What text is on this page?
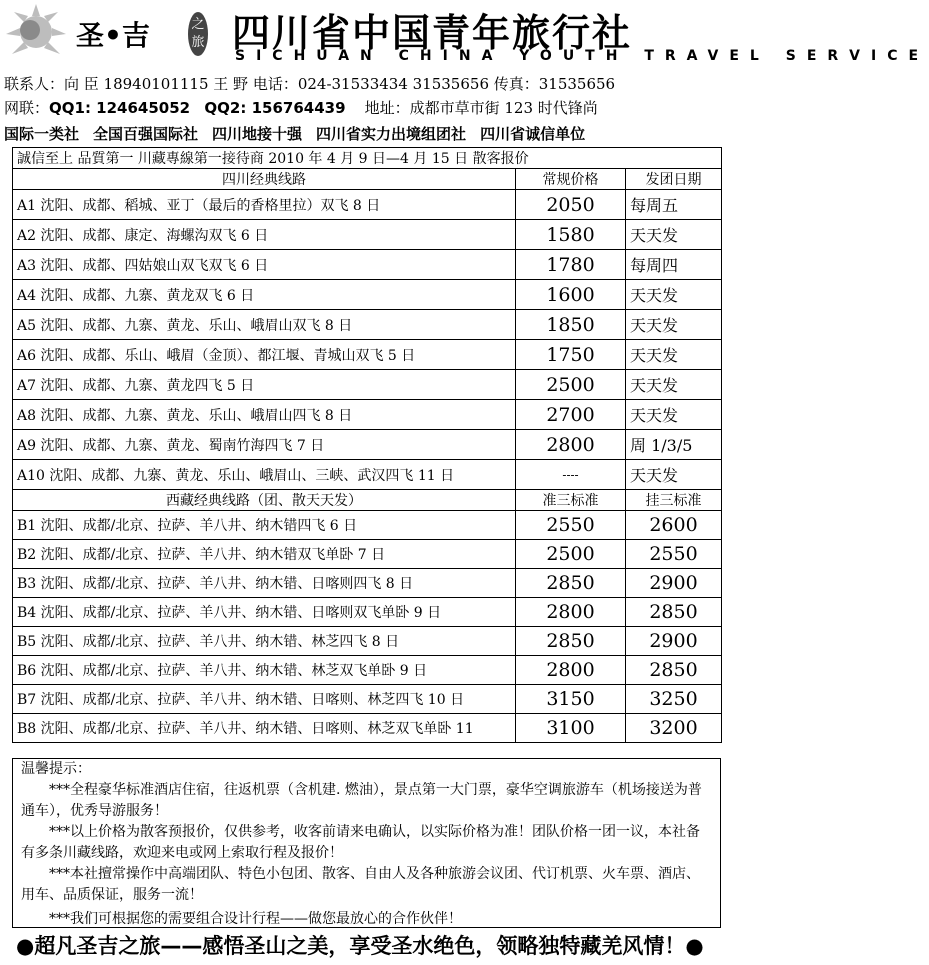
圣•吉	之旅 四川省中国青年旅行社
SICHUAN CHINA YOUTH TRAVEL SERVICE
联系人：向 臣 18940101115 王 野 电话：024-31533434 31535656 传真：31535656
网联：QQ1: 124645052 QQ2: 156764439 地址：成都市草市街 123 时代锋尚
国际一类社 全国百强国际社 四川地接十强 四川省实力出境组团社 四川省诚信单位
誠信至上 品質第一 川藏專線第一接待商 2010 年 4 月 9 日—4 月 15 日 散客报价		
四川经典线路	常规价格	发团日期
A1 沈阳、成都、稻城、亚丁（最后的香格里拉）双飞 8 日	2050	每周五
A2 沈阳、成都、康定、海螺沟双飞 6 日	1580	天天发
A3 沈阳、成都、四姑娘山双飞双飞 6 日	1780	每周四
A4 沈阳、成都、九寨、黄龙双飞 6 日	1600	天天发
A5 沈阳、成都、九寨、黄龙、乐山、峨眉山双飞 8 日	1850	天天发
A6 沈阳、成都、乐山、峨眉（金顶）、都江堰、青城山双飞 5 日	1750	天天发
A7 沈阳、成都、九寨、黄龙四飞 5 日	2500	天天发
A8 沈阳、成都、九寨、黄龙、乐山、峨眉山四飞 8 日	2700	天天发
A9 沈阳、成都、九寨、黄龙、蜀南竹海四飞 7 日	2800	周 1/3/5
A10 沈阳、成都、九寨、黄龙、乐山、峨眉山、三峡、武汉四飞 11 日	----	天天发
西藏经典线路（团、散天天发）	准三标准	挂三标准
B1 沈阳、成都/北京、拉萨、羊八井、纳木错四飞 6 日	2550	2600
B2 沈阳、成都/北京、拉萨、羊八井、纳木错双飞单卧 7 日	2500	2550
B3 沈阳、成都/北京、拉萨、羊八井、纳木错、日喀则四飞 8 日	2850	2900
B4 沈阳、成都/北京、拉萨、羊八井、纳木错、日喀则双飞单卧 9 日	2800	2850
B5 沈阳、成都/北京、拉萨、羊八井、纳木错、林芝四飞 8 日	2850	2900
B6 沈阳、成都/北京、拉萨、羊八井、纳木错、林芝双飞单卧 9 日	2800	2850
B7 沈阳、成都/北京、拉萨、羊八井、纳木错、日喀则、林芝四飞 10 日	3150	3250
B8 沈阳、成都/北京、拉萨、羊八井、纳木错、日喀则、林芝双飞单卧 11	3100	3200

温馨提示：

***全程豪华标准酒店住宿，往返机票（含机建. 燃油），景点第一大门票，豪华空调旅游车（机场接送为普通车），优秀导游服务！

***以上价格为散客预报价，仅供参考，收客前请来电确认，以实际价格为准！团队价格一团一议，本社备有多条川藏线路，欢迎来电或网上索取行程及报价！

***本社擅常操作中高端团队、特色小包团、散客、自由人及各种旅游会议团、代订机票、火车票、酒店、用车、品质保证，服务一流！

***我们可根据您的需要组合设计行程——做您最放心的合作伙伴！

●超凡圣吉之旅——感悟圣山之美，享受圣水绝色，领略独特藏羌风情！●
